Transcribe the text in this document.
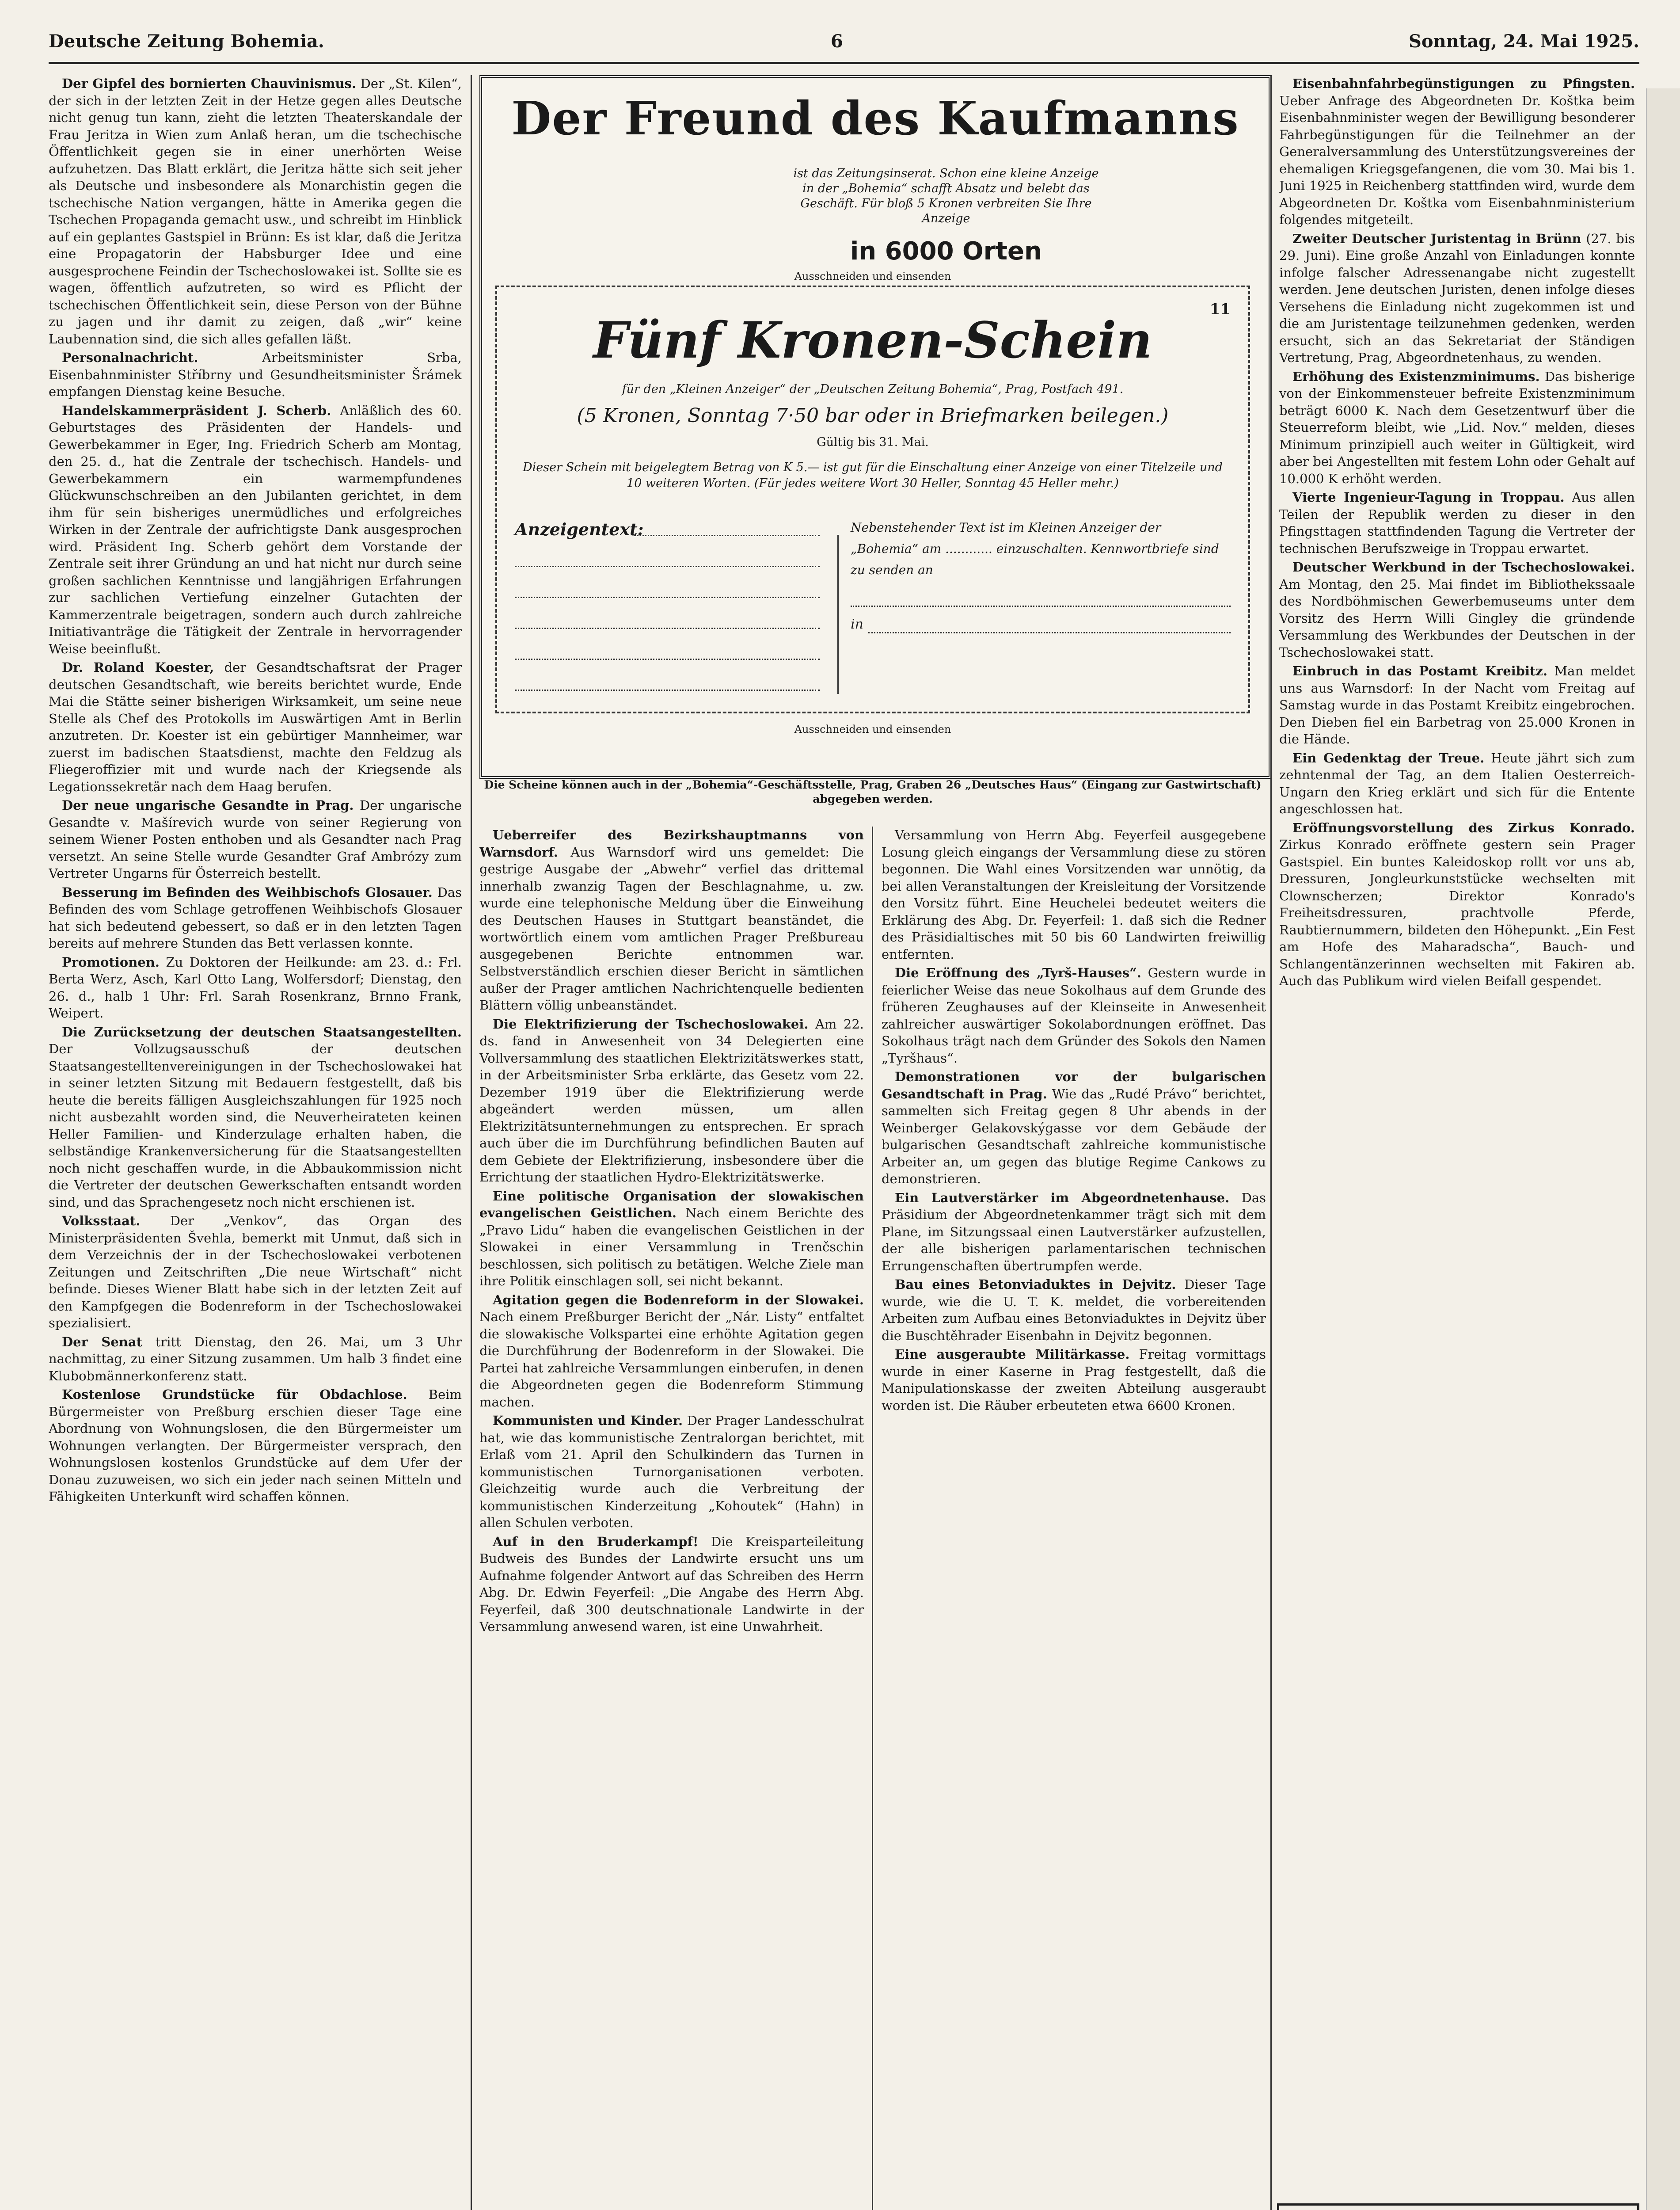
Deutsche Zeitung Bohemia.	6	Sonntag, 24. Mai 1925.

Der Gipfel des bornierten Chauvinismus. Der „St. Kilen“, der sich in der letzten Zeit in der Hetze gegen alles Deutsche nicht genug tun kann, zieht die letzten Theaterskandale der Frau Jeritza in Wien zum Anlaß heran, um die tschechische Öffentlichkeit gegen sie in einer unerhörten Weise aufzuhetzen. Das Blatt erklärt, die Jeritza hätte sich seit jeher als Deutsche und insbesondere als Monarchistin gegen die tschechische Nation vergangen, hätte in Amerika gegen die Tschechen Propaganda gemacht usw., und schreibt im Hinblick auf ein geplantes Gastspiel in Brünn: Es ist klar, daß die Jeritza eine Propagatorin der Habsburger Idee und eine ausgesprochene Feindin der Tschechoslowakei ist. Sollte sie es wagen, öffentlich aufzutreten, so wird es Pflicht der tschechischen Öffentlichkeit sein, diese Person von der Bühne zu jagen und ihr damit zu zeigen, daß „wir“ keine Laubennation sind, die sich alles gefallen läßt.

Personalnachricht.	Arbeitsminister Srba, Eisenbahnminister Stříbrny und Gesundheitsminister Šrámek empfangen Dienstag keine Besuche.

Handelskammerpräsident J. Scherb. Anläßlich des 60. Geburtstages des Präsidenten der Handels- und Gewerbekammer in Eger, Ing. Friedrich Scherb am Montag, den 25. d., hat die Zentrale der tschechisch. Handels- und Gewerbekammern ein warmempfundenes Glückwunschschreiben an den Jubilanten gerichtet, in dem ihm für sein bisheriges unermüdliches und erfolgreiches Wirken in der Zentrale der aufrichtigste Dank ausgesprochen wird. Präsident Ing. Scherb gehört dem Vorstande der Zentrale seit ihrer Gründung an und hat nicht nur durch seine großen sachlichen Kenntnisse und langjährigen Erfahrungen zur sachlichen Vertiefung einzelner Gutachten der Kammerzentrale beigetragen, sondern auch durch zahlreiche Initiativanträge die Tätigkeit der Zentrale in hervorragender Weise beeinflußt.

Dr. Roland Koester, der Gesandtschaftsrat der Prager deutschen Gesandtschaft, wie bereits berichtet wurde, Ende Mai die Stätte seiner bisherigen Wirksamkeit, um seine neue Stelle als Chef des Protokolls im Auswärtigen Amt in Berlin anzutreten. Dr. Koester ist ein gebürtiger Mannheimer, war zuerst im badischen Staatsdienst, machte den Feldzug als Fliegeroffizier mit und wurde nach der Kriegsende als Legationssekretär nach dem Haag berufen.

Der neue ungarische Gesandte in Prag. Der ungarische Gesandte v. Mašírevich wurde von seiner Regierung von seinem Wiener Posten enthoben und als Gesandter nach Prag versetzt. An seine Stelle wurde Gesandter Graf Ambrózy zum Vertreter Ungarns für Österreich bestellt.

Besserung im Befinden des Weihbischofs Glosauer. Das Befinden des vom Schlage getroffenen Weihbischofs Glosauer hat sich bedeutend gebessert, so daß er in den letzten Tagen bereits auf mehrere Stunden das Bett verlassen konnte.

Promotionen. Zu Doktoren der Heilkunde: am 23. d.: Frl. Berta Werz, Asch, Karl Otto Lang, Wolfersdorf; Dienstag, den 26. d., halb 1 Uhr: Frl. Sarah Rosenkranz, Brnno Frank, Weipert.

Die Zurücksetzung der deutschen Staatsangestellten. Der Vollzugsausschuß der deutschen Staatsangestelltenvereinigungen in der Tschechoslowakei hat in seiner letzten Sitzung mit Bedauern festgestellt, daß bis heute die bereits fälligen Ausgleichszahlungen für 1925 noch nicht ausbezahlt worden sind, die Neuverheirateten keinen Heller Familien- und Kinderzulage erhalten haben, die selbständige Krankenversicherung für die Staatsangestellten noch nicht geschaffen wurde, in die Abbaukommission nicht die Vertreter der deutschen Gewerkschaften entsandt worden sind, und das Sprachengesetz noch nicht erschienen ist.

Volksstaat. Der „Venkov“, das Organ des Ministerpräsidenten Švehla, bemerkt mit Unmut, daß sich in dem Verzeichnis der in der Tschechoslowakei verbotenen Zeitungen und Zeitschriften „Die neue Wirtschaft“ nicht befinde. Dieses Wiener Blatt habe sich in der letzten Zeit auf den Kampfgegen die Bodenreform in der Tschechoslowakei spezialisiert.

Der Senat tritt Dienstag, den 26. Mai, um 3 Uhr nachmittag, zu einer Sitzung zusammen. Um halb 3 findet eine Klubobmännerkonferenz statt.

Kostenlose Grundstücke für Obdachlose. Beim Bürgermeister von Preßburg erschien dieser Tage eine Abordnung von Wohnungslosen, die den Bürgermeister um Wohnungen verlangten. Der Bürgermeister versprach, den Wohnungslosen kostenlos Grundstücke auf dem Ufer der Donau zuzuweisen, wo sich ein jeder nach seinen Mitteln und Fähigkeiten Unterkunft wird schaffen können.

Der Freund des Kaufmanns
ist das Zeitungsinserat. Schon eine kleine Anzeige in der „Bohemia“ schafft Absatz und belebt das Geschäft. Für bloß 5 Kronen verbreiten Sie Ihre Anzeige
in 6000 Orten
Ausschneiden und einsenden
11
Fünf Kronen-Schein
für den „Kleinen Anzeiger“ der „Deutschen Zeitung Bohemia“, Prag, Postfach 491.
(5 Kronen, Sonntag 7·50 bar oder in Briefmarken beilegen.)
Gültig bis 31. Mai.
Dieser Schein mit beigelegtem Betrag von K 5.— ist gut für die Einschaltung einer Anzeige von einer Titelzeile und 10 weiteren Worten. (Für jedes weitere Wort 30 Heller, Sonntag 45 Heller mehr.)
Anzeigentext:	Nebenstehender Text ist im Kleinen Anzeiger der „Bohemia“ am ............ einzuschalten. Kennwortbriefe sind zu senden an
in
Ausschneiden und einsenden
Die Scheine können auch in der „Bohemia“-Geschäftsstelle, Prag, Graben 26 „Deutsches Haus“ (Eingang zur Gastwirtschaft) abgegeben werden.

Ueberreifer des Bezirkshauptmanns von Warnsdorf. Aus Warnsdorf wird uns gemeldet: Die gestrige Ausgabe der „Abwehr“ verfiel das drittemal innerhalb zwanzig Tagen der Beschlagnahme, u. zw. wurde eine telephonische Meldung über die Einweihung des Deutschen Hauses in Stuttgart beanständet, die wortwörtlich einem vom amtlichen Prager Preßbureau ausgegebenen Berichte entnommen war. Selbstverständlich erschien dieser Bericht in sämtlichen außer der Prager amtlichen Nachrichtenquelle bedienten Blättern völlig unbeanständet.

Die Elektrifizierung der Tschechoslowakei. Am 22. ds. fand in Anwesenheit von 34 Delegierten eine Vollversammlung des staatlichen Elektrizitätswerkes statt, in der Arbeitsminister Srba erklärte, das Gesetz vom 22. Dezember 1919 über die Elektrifizierung werde abgeändert werden müssen, um allen Elektrizitätsunternehmungen zu entsprechen. Er sprach auch über die im Durchführung befindlichen Bauten auf dem Gebiete der Elektrifizierung, insbesondere über die Errichtung der staatlichen Hydro-Elektrizitätswerke.

Eine politische Organisation der slowakischen evangelischen Geistlichen. Nach einem Berichte des „Pravo Lidu“ haben die evangelischen Geistlichen in der Slowakei in einer Versammlung in Trenčschin beschlossen, sich politisch zu betätigen. Welche Ziele man ihre Politik einschlagen soll, sei nicht bekannt.

Agitation gegen die Bodenreform in der Slowakei. Nach einem Preßburger Bericht der „Nár. Listy“ entfaltet die slowakische Volkspartei eine erhöhte Agitation gegen die Durchführung der Bodenreform in der Slowakei. Die Partei hat zahlreiche Versammlungen einberufen, in denen die Abgeordneten gegen die Bodenreform Stimmung machen.

Kommunisten und Kinder. Der Prager Landesschulrat hat, wie das kommunistische Zentralorgan berichtet, mit Erlaß vom 21. April den Schulkindern das Turnen in kommunistischen Turnorganisationen verboten. Gleichzeitig wurde auch die Verbreitung der kommunistischen Kinderzeitung „Kohoutek“ (Hahn) in allen Schulen verboten.

Auf in den Bruderkampf! Die Kreisparteileitung Budweis des Bundes der Landwirte ersucht uns um Aufnahme folgender Antwort auf das Schreiben des Herrn Abg. Dr. Edwin Feyerfeil: „Die Angabe des Herrn Abg. Feyerfeil, daß 300 deutschnationale Landwirte in der Versammlung anwesend waren, ist eine Unwahrheit.

Versammlung von Herrn Abg. Feyerfeil ausgegebene Losung gleich eingangs der Versammlung diese zu stören begonnen. Die Wahl eines Vorsitzenden war unnötig, da bei allen Veranstaltungen der Kreisleitung der Vorsitzende den Vorsitz führt. Eine Heuchelei bedeutet weiters die Erklärung des Abg. Dr. Feyerfeil: 1. daß sich die Redner des Präsidialtisches mit 50 bis 60 Landwirten freiwillig entfernten.

Die Eröffnung des „Tyrš-Hauses“. Gestern wurde in feierlicher Weise das neue Sokolhaus auf dem Grunde des früheren Zeughauses auf der Kleinseite in Anwesenheit zahlreicher auswärtiger Sokolabordnungen eröffnet. Das Sokolhaus trägt nach dem Gründer des Sokols den Namen „Tyršhaus“.

Demonstrationen vor der bulgarischen Gesandtschaft in Prag. Wie das „Rudé Právo“ berichtet, sammelten sich Freitag gegen 8 Uhr abends in der Weinberger Gelakovskýgasse vor dem Gebäude der bulgarischen Gesandtschaft zahlreiche kommunistische Arbeiter an, um gegen das blutige Regime Cankows zu demonstrieren.

Ein Lautverstärker im Abgeordnetenhause. Das Präsidium der Abgeordnetenkammer trägt sich mit dem Plane, im Sitzungssaal einen Lautverstärker aufzustellen, der alle bisherigen parlamentarischen technischen Errungenschaften übertrumpfen werde.

Bau eines Betonviaduktes in Dejvitz. Dieser Tage wurde, wie die U. T. K. meldet, die vorbereitenden Arbeiten zum Aufbau eines Betonviaduktes in Dejvitz über die Buschtěhrader Eisenbahn in Dejvitz begonnen.

Eine ausgeraubte Militärkasse. Freitag vormittags wurde in einer Kaserne in Prag festgestellt, daß die Manipulationskasse der zweiten Abteilung ausgeraubt worden ist. Die Räuber erbeuteten etwa 6600 Kronen.

Eisenbahnfahrbegünstigungen zu Pfingsten. Ueber Anfrage des Abgeordneten Dr. Koštka beim Eisenbahnminister wegen der Bewilligung besonderer Fahrbegünstigungen für die Teilnehmer an der Generalversammlung des Unterstützungsvereines der ehemaligen Kriegsgefangenen, die vom 30. Mai bis 1. Juni 1925 in Reichenberg stattfinden wird, wurde dem Abgeordneten Dr. Koštka vom Eisenbahnministerium folgendes mitgeteilt.

Zweiter Deutscher Juristentag in Brünn (27. bis 29. Juni). Eine große Anzahl von Einladungen konnte infolge falscher Adressenangabe nicht zugestellt werden. Jene deutschen Juristen, denen infolge dieses Versehens die Einladung nicht zugekommen ist und die am Juristentage teilzunehmen gedenken, werden ersucht, sich an das Sekretariat der Ständigen Vertretung, Prag, Abgeordnetenhaus, zu wenden.

Erhöhung des Existenzminimums. Das bisherige von der Einkommensteuer befreite Existenzminimum beträgt 6000 K. Nach dem Gesetzentwurf über die Steuerreform bleibt, wie „Lid. Nov.“ melden, dieses Minimum prinzipiell auch weiter in Gültigkeit, wird aber bei Angestellten mit festem Lohn oder Gehalt auf 10.000 K erhöht werden.

Vierte Ingenieur-Tagung in Troppau. Aus allen Teilen der Republik werden zu dieser in den Pfingsttagen stattfindenden Tagung die Vertreter der technischen Berufszweige in Troppau erwartet.

Deutscher Werkbund in der Tschechoslowakei. Am Montag, den 25. Mai findet im Bibliothekssaale des Nordböhmischen Gewerbemuseums unter dem Vorsitz des Herrn Willi Gingley die gründende Versammlung des Werkbundes der Deutschen in der Tschechoslowakei statt.

Einbruch in das Postamt Kreibitz. Man meldet uns aus Warnsdorf: In der Nacht vom Freitag auf Samstag wurde in das Postamt Kreibitz eingebrochen. Den Dieben fiel ein Barbetrag von 25.000 Kronen in die Hände.

Ein Gedenktag der Treue. Heute jährt sich zum zehntenmal der Tag, an dem Italien Oesterreich-Ungarn den Krieg erklärt und sich für die Entente angeschlossen hat.

Eröffnungsvorstellung des Zirkus Konrado. Zirkus Konrado eröffnete gestern sein Prager Gastspiel. Ein buntes Kaleidoskop rollt vor uns ab, Dressuren, Jongleurkunststücke wechselten mit Clownscherzen; Direktor Konrado's Freiheitsdressuren, prachtvolle Pferde, Raubtiernummern, bildeten den Höhepunkt. „Ein Fest am Hofe des Maharadscha“, Bauch- und Schlangentänzerinnen wechselten mit Fakiren ab. Auch das Publikum wird vielen Beifall gespendet.
